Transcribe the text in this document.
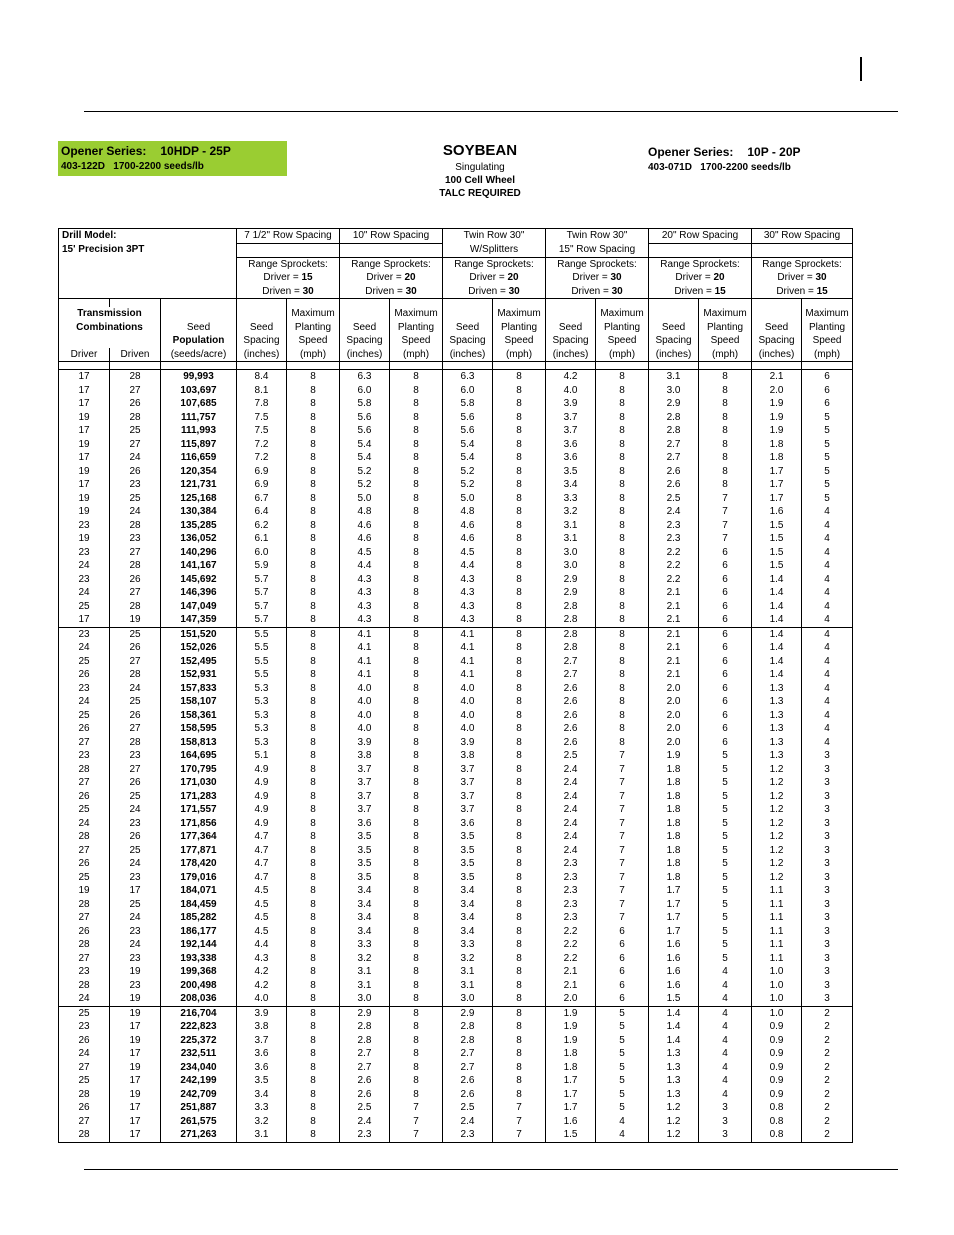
Opener Series: 10HDP - 25P
403-122D 1700-2200 seeds/lb
SOYBEAN
Singulating
100 Cell Wheel
TALC REQUIRED
Opener Series: 10P - 20P
403-071D 1700-2200 seeds/lb
Drill Model:			7 1/2" Row Spacing		10" Row Spacing		Twin Row 30"		Twin Row 30"		20" Row Spacing		30" Row Spacing	
15' Precision 3PT							W/Splitters		15" Row Spacing					
			Range Sprockets:		Range Sprockets:		Range Sprockets:		Range Sprockets:		Range Sprockets:		Range Sprockets:	
			Driver = 15		Driver = 20		Driver = 20		Driver = 30		Driver = 20		Driver = 30	
			Driven = 30		Driven = 30		Driven = 30		Driven = 30		Driven = 15		Driven = 15	

Transmission				Maximum		Maximum		Maximum		Maximum		Maximum		Maximum
Combinations		Seed	Seed	Planting	Seed	Planting	Seed	Planting	Seed	Planting	Seed	Planting	Seed	Planting
		Population	Spacing	Speed	Spacing	Speed	Spacing	Speed	Spacing	Speed	Spacing	Speed	Spacing	Speed
Driver	Driven	(seeds/acre)	(inches)	(mph)	(inches)	(mph)	(inches)	(mph)	(inches)	(mph)	(inches)	(mph)	(inches)	(mph)

17	28	99,993	8.4	8	6.3	8	6.3	8	4.2	8	3.1	8	2.1	6
17	27	103,697	8.1	8	6.0	8	6.0	8	4.0	8	3.0	8	2.0	6
17	26	107,685	7.8	8	5.8	8	5.8	8	3.9	8	2.9	8	1.9	6
19	28	111,757	7.5	8	5.6	8	5.6	8	3.7	8	2.8	8	1.9	5
17	25	111,993	7.5	8	5.6	8	5.6	8	3.7	8	2.8	8	1.9	5
19	27	115,897	7.2	8	5.4	8	5.4	8	3.6	8	2.7	8	1.8	5
17	24	116,659	7.2	8	5.4	8	5.4	8	3.6	8	2.7	8	1.8	5
19	26	120,354	6.9	8	5.2	8	5.2	8	3.5	8	2.6	8	1.7	5
17	23	121,731	6.9	8	5.2	8	5.2	8	3.4	8	2.6	8	1.7	5
19	25	125,168	6.7	8	5.0	8	5.0	8	3.3	8	2.5	7	1.7	5
19	24	130,384	6.4	8	4.8	8	4.8	8	3.2	8	2.4	7	1.6	4
23	28	135,285	6.2	8	4.6	8	4.6	8	3.1	8	2.3	7	1.5	4
19	23	136,052	6.1	8	4.6	8	4.6	8	3.1	8	2.3	7	1.5	4
23	27	140,296	6.0	8	4.5	8	4.5	8	3.0	8	2.2	6	1.5	4
24	28	141,167	5.9	8	4.4	8	4.4	8	3.0	8	2.2	6	1.5	4
23	26	145,692	5.7	8	4.3	8	4.3	8	2.9	8	2.2	6	1.4	4
24	27	146,396	5.7	8	4.3	8	4.3	8	2.9	8	2.1	6	1.4	4
25	28	147,049	5.7	8	4.3	8	4.3	8	2.8	8	2.1	6	1.4	4
17	19	147,359	5.7	8	4.3	8	4.3	8	2.8	8	2.1	6	1.4	4
23	25	151,520	5.5	8	4.1	8	4.1	8	2.8	8	2.1	6	1.4	4
24	26	152,026	5.5	8	4.1	8	4.1	8	2.8	8	2.1	6	1.4	4
25	27	152,495	5.5	8	4.1	8	4.1	8	2.7	8	2.1	6	1.4	4
26	28	152,931	5.5	8	4.1	8	4.1	8	2.7	8	2.1	6	1.4	4
23	24	157,833	5.3	8	4.0	8	4.0	8	2.6	8	2.0	6	1.3	4
24	25	158,107	5.3	8	4.0	8	4.0	8	2.6	8	2.0	6	1.3	4
25	26	158,361	5.3	8	4.0	8	4.0	8	2.6	8	2.0	6	1.3	4
26	27	158,595	5.3	8	4.0	8	4.0	8	2.6	8	2.0	6	1.3	4
27	28	158,813	5.3	8	3.9	8	3.9	8	2.6	8	2.0	6	1.3	4
23	23	164,695	5.1	8	3.8	8	3.8	8	2.5	7	1.9	5	1.3	3
28	27	170,795	4.9	8	3.7	8	3.7	8	2.4	7	1.8	5	1.2	3
27	26	171,030	4.9	8	3.7	8	3.7	8	2.4	7	1.8	5	1.2	3
26	25	171,283	4.9	8	3.7	8	3.7	8	2.4	7	1.8	5	1.2	3
25	24	171,557	4.9	8	3.7	8	3.7	8	2.4	7	1.8	5	1.2	3
24	23	171,856	4.9	8	3.6	8	3.6	8	2.4	7	1.8	5	1.2	3
28	26	177,364	4.7	8	3.5	8	3.5	8	2.4	7	1.8	5	1.2	3
27	25	177,871	4.7	8	3.5	8	3.5	8	2.4	7	1.8	5	1.2	3
26	24	178,420	4.7	8	3.5	8	3.5	8	2.3	7	1.8	5	1.2	3
25	23	179,016	4.7	8	3.5	8	3.5	8	2.3	7	1.8	5	1.2	3
19	17	184,071	4.5	8	3.4	8	3.4	8	2.3	7	1.7	5	1.1	3
28	25	184,459	4.5	8	3.4	8	3.4	8	2.3	7	1.7	5	1.1	3
27	24	185,282	4.5	8	3.4	8	3.4	8	2.3	7	1.7	5	1.1	3
26	23	186,177	4.5	8	3.4	8	3.4	8	2.2	6	1.7	5	1.1	3
28	24	192,144	4.4	8	3.3	8	3.3	8	2.2	6	1.6	5	1.1	3
27	23	193,338	4.3	8	3.2	8	3.2	8	2.2	6	1.6	5	1.1	3
23	19	199,368	4.2	8	3.1	8	3.1	8	2.1	6	1.6	4	1.0	3
28	23	200,498	4.2	8	3.1	8	3.1	8	2.1	6	1.6	4	1.0	3
24	19	208,036	4.0	8	3.0	8	3.0	8	2.0	6	1.5	4	1.0	3
25	19	216,704	3.9	8	2.9	8	2.9	8	1.9	5	1.4	4	1.0	2
23	17	222,823	3.8	8	2.8	8	2.8	8	1.9	5	1.4	4	0.9	2
26	19	225,372	3.7	8	2.8	8	2.8	8	1.9	5	1.4	4	0.9	2
24	17	232,511	3.6	8	2.7	8	2.7	8	1.8	5	1.3	4	0.9	2
27	19	234,040	3.6	8	2.7	8	2.7	8	1.8	5	1.3	4	0.9	2
25	17	242,199	3.5	8	2.6	8	2.6	8	1.7	5	1.3	4	0.9	2
28	19	242,709	3.4	8	2.6	8	2.6	8	1.7	5	1.3	4	0.9	2
26	17	251,887	3.3	8	2.5	7	2.5	7	1.7	5	1.2	3	0.8	2
27	17	261,575	3.2	8	2.4	7	2.4	7	1.6	4	1.2	3	0.8	2
28	17	271,263	3.1	8	2.3	7	2.3	7	1.5	4	1.2	3	0.8	2
